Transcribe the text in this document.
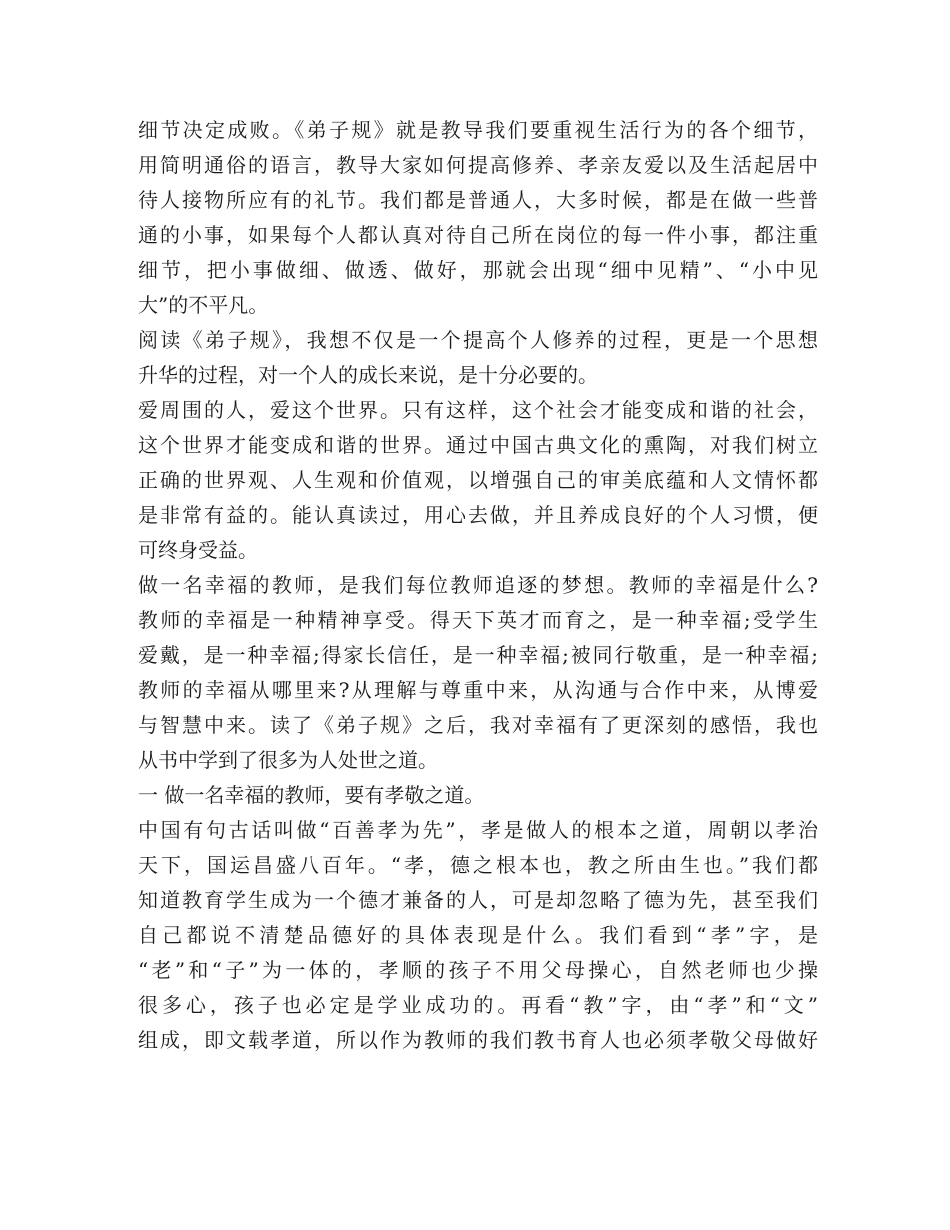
细节决定成败。《弟子规》就是教导我们要重视生活行为的各个细节，
用简明通俗的语言，教导大家如何提高修养、孝亲友爱以及生活起居中
待人接物所应有的礼节。我们都是普通人，大多时候，都是在做一些普
通的小事，如果每个人都认真对待自己所在岗位的每一件小事，都注重
细节，把小事做细、做透、做好，那就会出现“细中见精”、“小中见
大”的不平凡。
阅读《弟子规》，我想不仅是一个提高个人修养的过程，更是一个思想
升华的过程，对一个人的成长来说，是十分必要的。
爱周围的人，爱这个世界。只有这样，这个社会才能变成和谐的社会，
这个世界才能变成和谐的世界。通过中国古典文化的熏陶，对我们树立
正确的世界观、人生观和价值观，以增强自己的审美底蕴和人文情怀都
是非常有益的。能认真读过，用心去做，并且养成良好的个人习惯，便
可终身受益。
做一名幸福的教师，是我们每位教师追逐的梦想。教师的幸福是什么?
教师的幸福是一种精神享受。得天下英才而育之，是一种幸福;受学生
爱戴，是一种幸福;得家长信任，是一种幸福;被同行敬重，是一种幸福;
教师的幸福从哪里来?从理解与尊重中来，从沟通与合作中来，从博爱
与智慧中来。读了《弟子规》之后，我对幸福有了更深刻的感悟，我也
从书中学到了很多为人处世之道。
一 做一名幸福的教师，要有孝敬之道。
中国有句古话叫做“百善孝为先”，孝是做人的根本之道，周朝以孝治
天下，国运昌盛八百年。“孝，德之根本也，教之所由生也。”我们都
知道教育学生成为一个德才兼备的人，可是却忽略了德为先，甚至我们
自己都说不清楚品德好的具体表现是什么。我们看到“孝”字，是
“老”和“子”为一体的，孝顺的孩子不用父母操心，自然老师也少操
很多心，孩子也必定是学业成功的。再看“教”字，由“孝”和“文”
组成，即文载孝道，所以作为教师的我们教书育人也必须孝敬父母做好
